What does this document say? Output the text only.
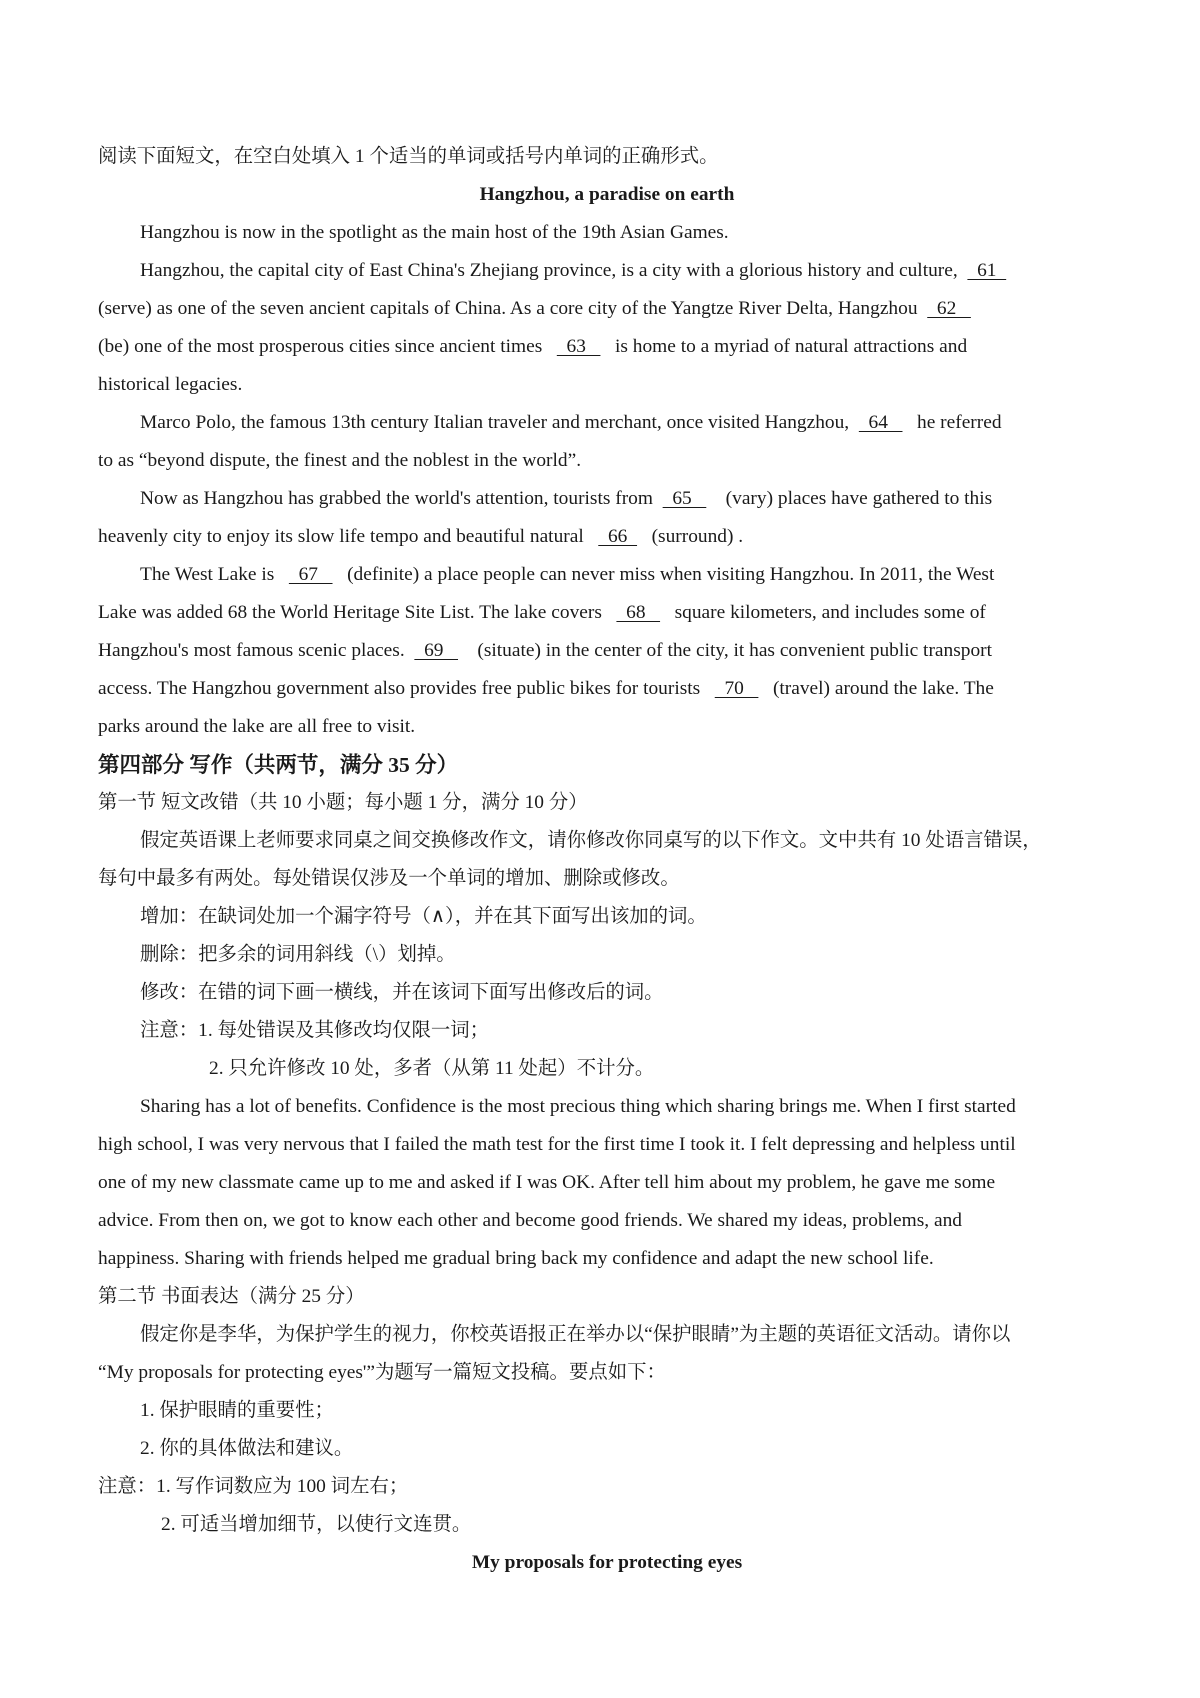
阅读下面短文，在空白处填入 1 个适当的单词或括号内单词的正确形式。
Hangzhou, a paradise on earth
Hangzhou is now in the spotlight as the main host of the 19th Asian Games.
Hangzhou, the capital city of East China's Zhejiang province, is a city with a glorious history and culture,    61
(serve) as one of the seven ancient capitals of China. As a core city of the Yangtze River Delta, Hangzhou    62
(be) one of the most prosperous cities since ancient times     63      is home to a myriad of natural attractions and
historical legacies.
Marco Polo, the famous 13th century Italian traveler and merchant, once visited Hangzhou,    64      he referred
to as “beyond dispute, the finest and the noblest in the world”.
Now as Hangzhou has grabbed the world's attention, tourists from    65       (vary) places have gathered to this
heavenly city to enjoy its slow life tempo and beautiful natural     66     (surround) .
The West Lake is     67      (definite) a place people can never miss when visiting Hangzhou. In 2011, the West
Lake was added 68 the World Heritage Site List. The lake covers     68      square kilometers, and includes some of
Hangzhou's most famous scenic places.    69       (situate) in the center of the city, it has convenient public transport
access. The Hangzhou government also provides free public bikes for tourists     70      (travel) around the lake. The
parks around the lake are all free to visit.
第四部分 写作（共两节，满分 35 分）
第一节 短文改错（共 10 小题；每小题 1 分，满分 10 分）
假定英语课上老师要求同桌之间交换修改作文，请你修改你同桌写的以下作文。文中共有 10 处语言错误，
每句中最多有两处。每处错误仅涉及一个单词的增加、删除或修改。
增加：在缺词处加一个漏字符号（∧），并在其下面写出该加的词。
删除：把多余的词用斜线（\）划掉。
修改：在错的词下画一横线，并在该词下面写出修改后的词。
注意：1. 每处错误及其修改均仅限一词；
2. 只允许修改 10 处，多者（从第 11 处起）不计分。
Sharing has a lot of benefits. Confidence is the most precious thing which sharing brings me. When I first started
high school, I was very nervous that I failed the math test for the first time I took it. I felt depressing and helpless until
one of my new classmate came up to me and asked if I was OK. After tell him about my problem, he gave me some
advice. From then on, we got to know each other and become good friends. We shared my ideas, problems, and
happiness. Sharing with friends helped me gradual bring back my confidence and adapt the new school life.
第二节 书面表达（满分 25 分）
假定你是李华，为保护学生的视力，你校英语报正在举办以“保护眼睛”为主题的英语征文活动。请你以
“My proposals for protecting eyes'”为题写一篇短文投稿。要点如下：
1. 保护眼睛的重要性；
2. 你的具体做法和建议。
注意：1. 写作词数应为 100 词左右；
2. 可适当增加细节，以使行文连贯。
My proposals for protecting eyes
